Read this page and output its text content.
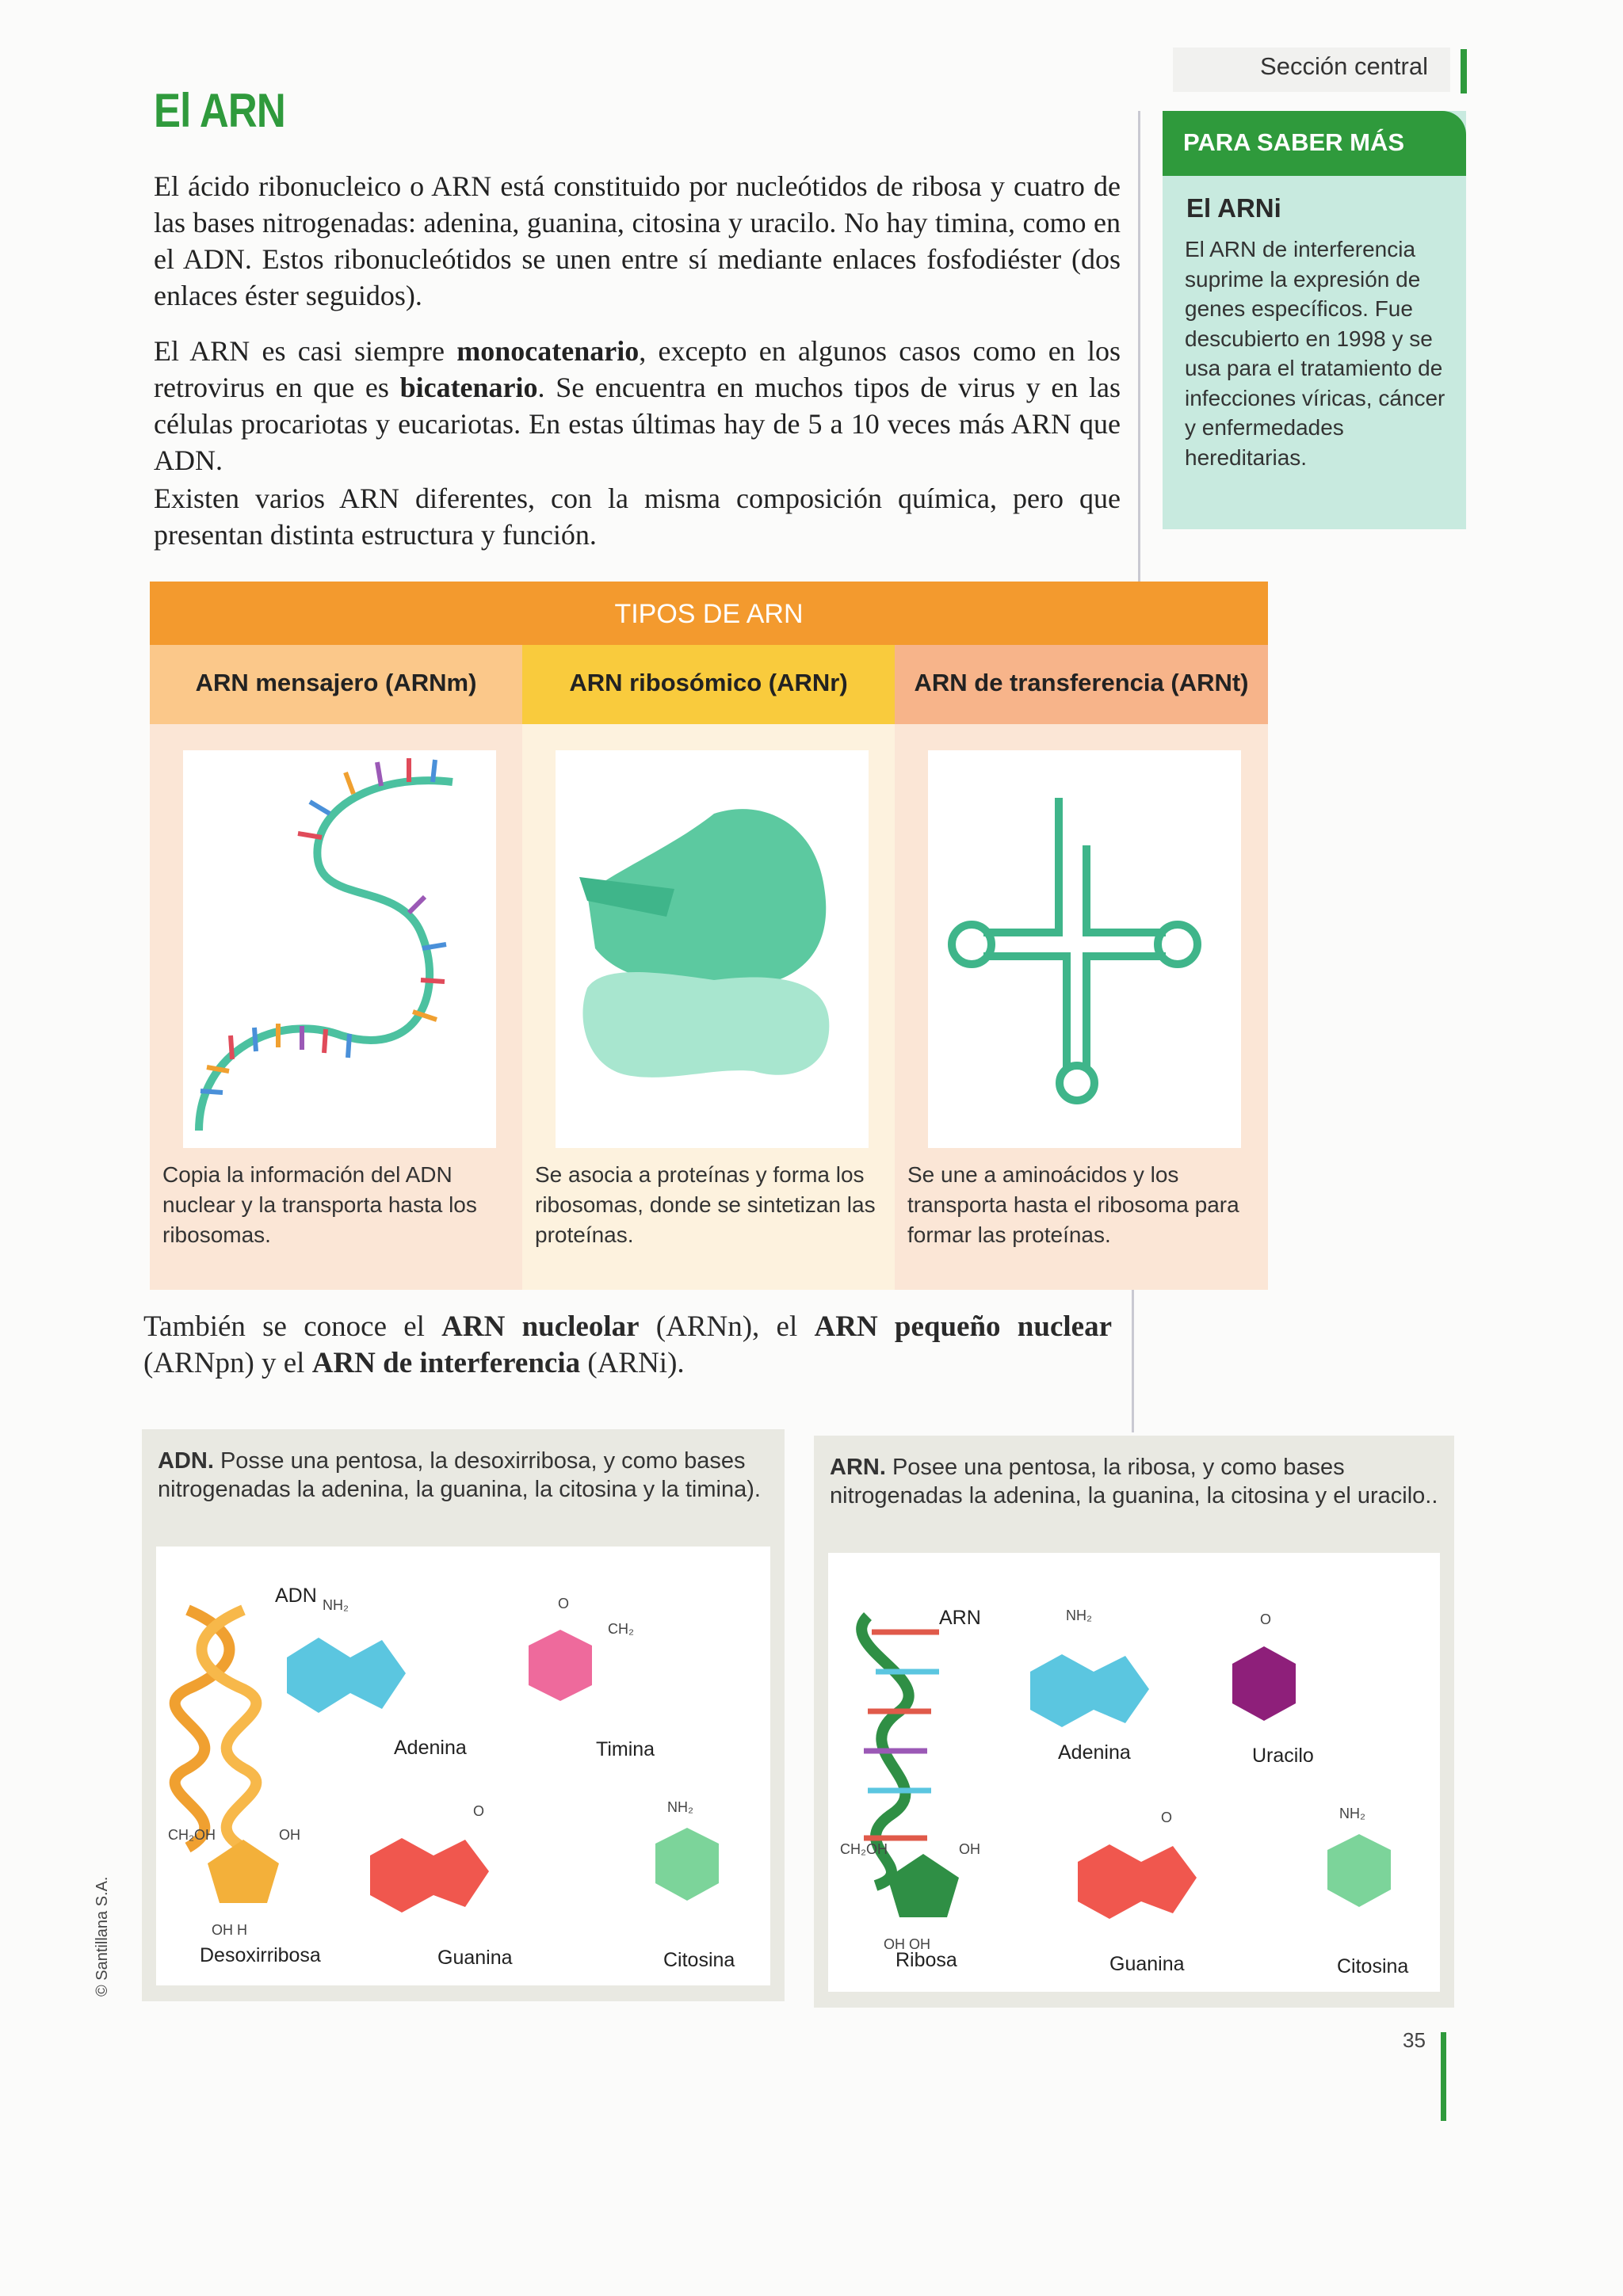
El ARN
Sección central

El ácido ribonucleico o ARN está constituido por nucleótidos de ribosa y cuatro de las bases nitrogenadas: adenina, guanina, citosina y uracilo. No hay timina, como en el ADN. Estos ribonucleótidos se unen entre sí mediante enlaces fosfodiéster (dos enlaces éster seguidos).

El ARN es casi siempre monocatenario, excepto en algunos casos como en los retrovirus en que es bicatenario. Se encuentra en muchos tipos de virus y en las células procariotas y eucariotas. En estas últimas hay de 5 a 10 veces más ARN que ADN.

Existen varios ARN diferentes, con la misma composición química, pero que presentan distinta estructura y función.

PARA SABER MÁS
El ARNi
El ARN de interferencia suprime la expresión de genes específicos. Fue descubierto en 1998 y se usa para el tratamiento de infecciones víricas, cáncer y enfermedades hereditarias.
TIPOS DE ARN
ARN mensajero (ARNm)
Copia la información del ADN nuclear y la transporta hasta los ribosomas.
ARN ribosómico (ARNr)
Se asocia a proteínas y forma los ribosomas, donde se sintetizan las proteínas.
ARN de transferencia (ARNt)
Se une a aminoácidos y los transporta hasta el ribosoma para formar las proteínas.

También se conoce el ARN nucleolar (ARNn), el ARN pequeño nuclear (ARNpn) y el ARN de interferencia (ARNi).

ADN. Posse una pentosa, la desoxirribosa, y como bases nitrogenadas la adenina, la guanina, la citosina y la timina).
NH₂	O
CH₂
CH₂OH	OH
OH H
O	NH₂
ADN
Adenina	Timina
Desoxirribosa	Guanina	Citosina
ARN. Posee una pentosa, la ribosa, y como bases nitrogenadas la adenina, la guanina, la citosina y el uracilo..
NH₂	O
CH₂OH	OH
OH OH
O	NH₂
ARN
Adenina	Uracilo
Ribosa	Guanina	Citosina
35
© Santillana S.A.
